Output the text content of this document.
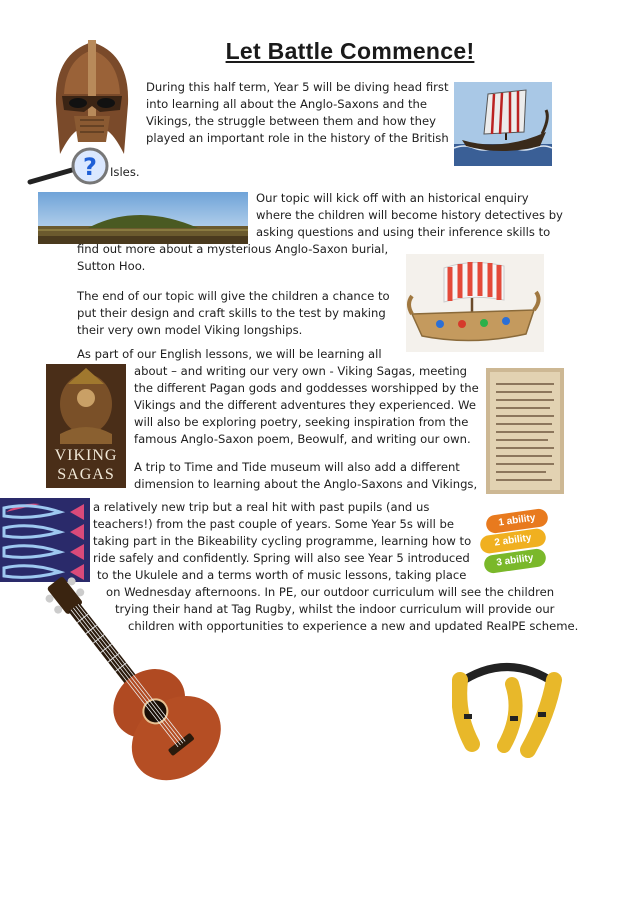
Let Battle Commence!
?
During this half term, Year 5 will be diving head first
into learning all about the Anglo-Saxons and the
Vikings, the struggle between them and how they
played an important role in the history of the British
Isles.
Our topic will kick off with an historical enquiry
where the children will become history detectives by
asking questions and using their inference skills to
find out more about a mysterious Anglo-Saxon burial,
Sutton Hoo.
The end of our topic will give the children a chance to
put their design and craft skills to the test by making
their very own model Viking longships.
As part of our English lessons, we will be learning all
about – and writing our very own - Viking Sagas, meeting
the different Pagan gods and goddesses worshipped by the
Vikings and the different adventures they experienced. We
will also be exploring poetry, seeking inspiration from the
famous Anglo-Saxon poem, Beowulf, and writing our own.
VIKING
SAGAS	A trip to Time and Tide museum will also add a different
dimension to learning about the Anglo-Saxons and Vikings,
a relatively new trip but a real hit with past pupils (and us
teachers!) from the past couple of years. Some Year 5s will be
taking part in the Bikeability cycling programme, learning how to
ride safely and confidently. Spring will also see Year 5 introduced
to the Ukulele and a terms worth of music lessons, taking place
on Wednesday afternoons. In PE, our outdoor curriculum will see the children
trying their hand at Tag Rugby, whilst the indoor curriculum will provide our
children with opportunities to experience a new and updated RealPE scheme.
1 ability
2 ability
3 ability
